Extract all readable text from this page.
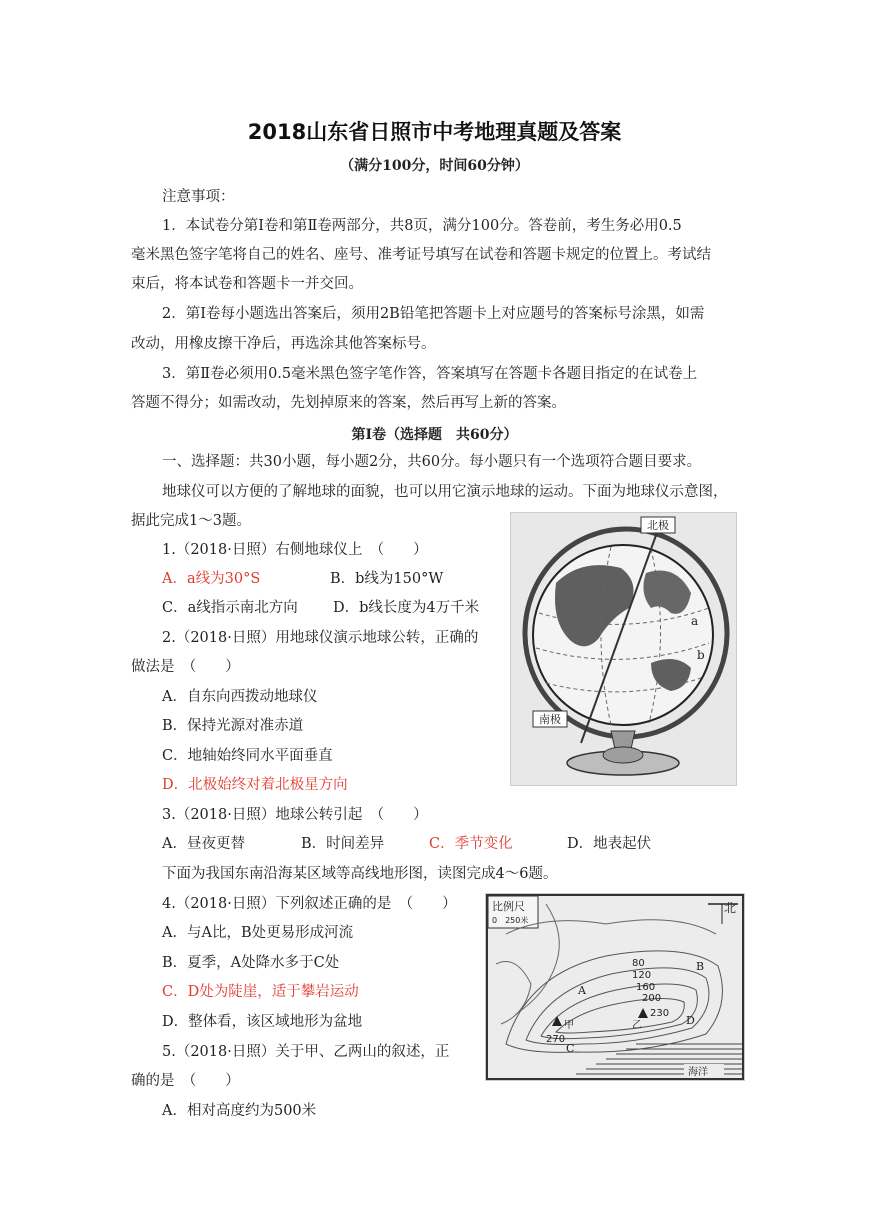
2018山东省日照市中考地理真题及答案
（满分100分，时间60分钟）
注意事项：
1．本试卷分第Ⅰ卷和第Ⅱ卷两部分，共8页，满分100分。答卷前，考生务必用0.5
毫米黑色签字笔将自己的姓名、座号、准考证号填写在试卷和答题卡规定的位置上。考试结
束后，将本试卷和答题卡一并交回。
2．第Ⅰ卷每小题选出答案后，须用2B铅笔把答题卡上对应题号的答案标号涂黑，如需
改动，用橡皮擦干净后，再选涂其他答案标号。
3．第Ⅱ卷必须用0.5毫米黑色签字笔作答，答案填写在答题卡各题目指定的在试卷上
答题不得分；如需改动，先划掉原来的答案，然后再写上新的答案。
第Ⅰ卷（选择题　共60分）
一、选择题：共30小题，每小题2分，共60分。每小题只有一个选项符合题目要求。
地球仪可以方便的了解地球的面貌，也可以用它演示地球的运动。下面为地球仪示意图，
据此完成1～3题。
1.（2018·日照）右侧地球仪上　（　　）
A．a线为30°S	B．b线为150°W
C．a线指示南北方向 D．b线长度为4万千米
2.（2018·日照）用地球仪演示地球公转，正确的
做法是　（　　）
A．自东向西拨动地球仪
B．保持光源对准赤道
C．地轴始终同水平面垂直
D．北极始终对着北极星方向
3.（2018·日照）地球公转引起　（　　）
A．昼夜更替	B．时间差异	C．季节变化	D．地表起伏
下面为我国东南沿海某区域等高线地形图，读图完成4～6题。
4.（2018·日照）下列叙述正确的是　（　　）
A．与A比，B处更易形成河流
B．夏季，A处降水多于C处
C．D处为陡崖，适于攀岩运动
D．整体看，该区域地形为盆地
5.（2018·日照）关于甲、乙两山的叙述，正
确的是　（　　）
A．相对高度约为500米
北极
南极
a
b
比例尺
0　250米
北
80
120
160
200
甲
270
乙
230
A
B
C
D
海洋
